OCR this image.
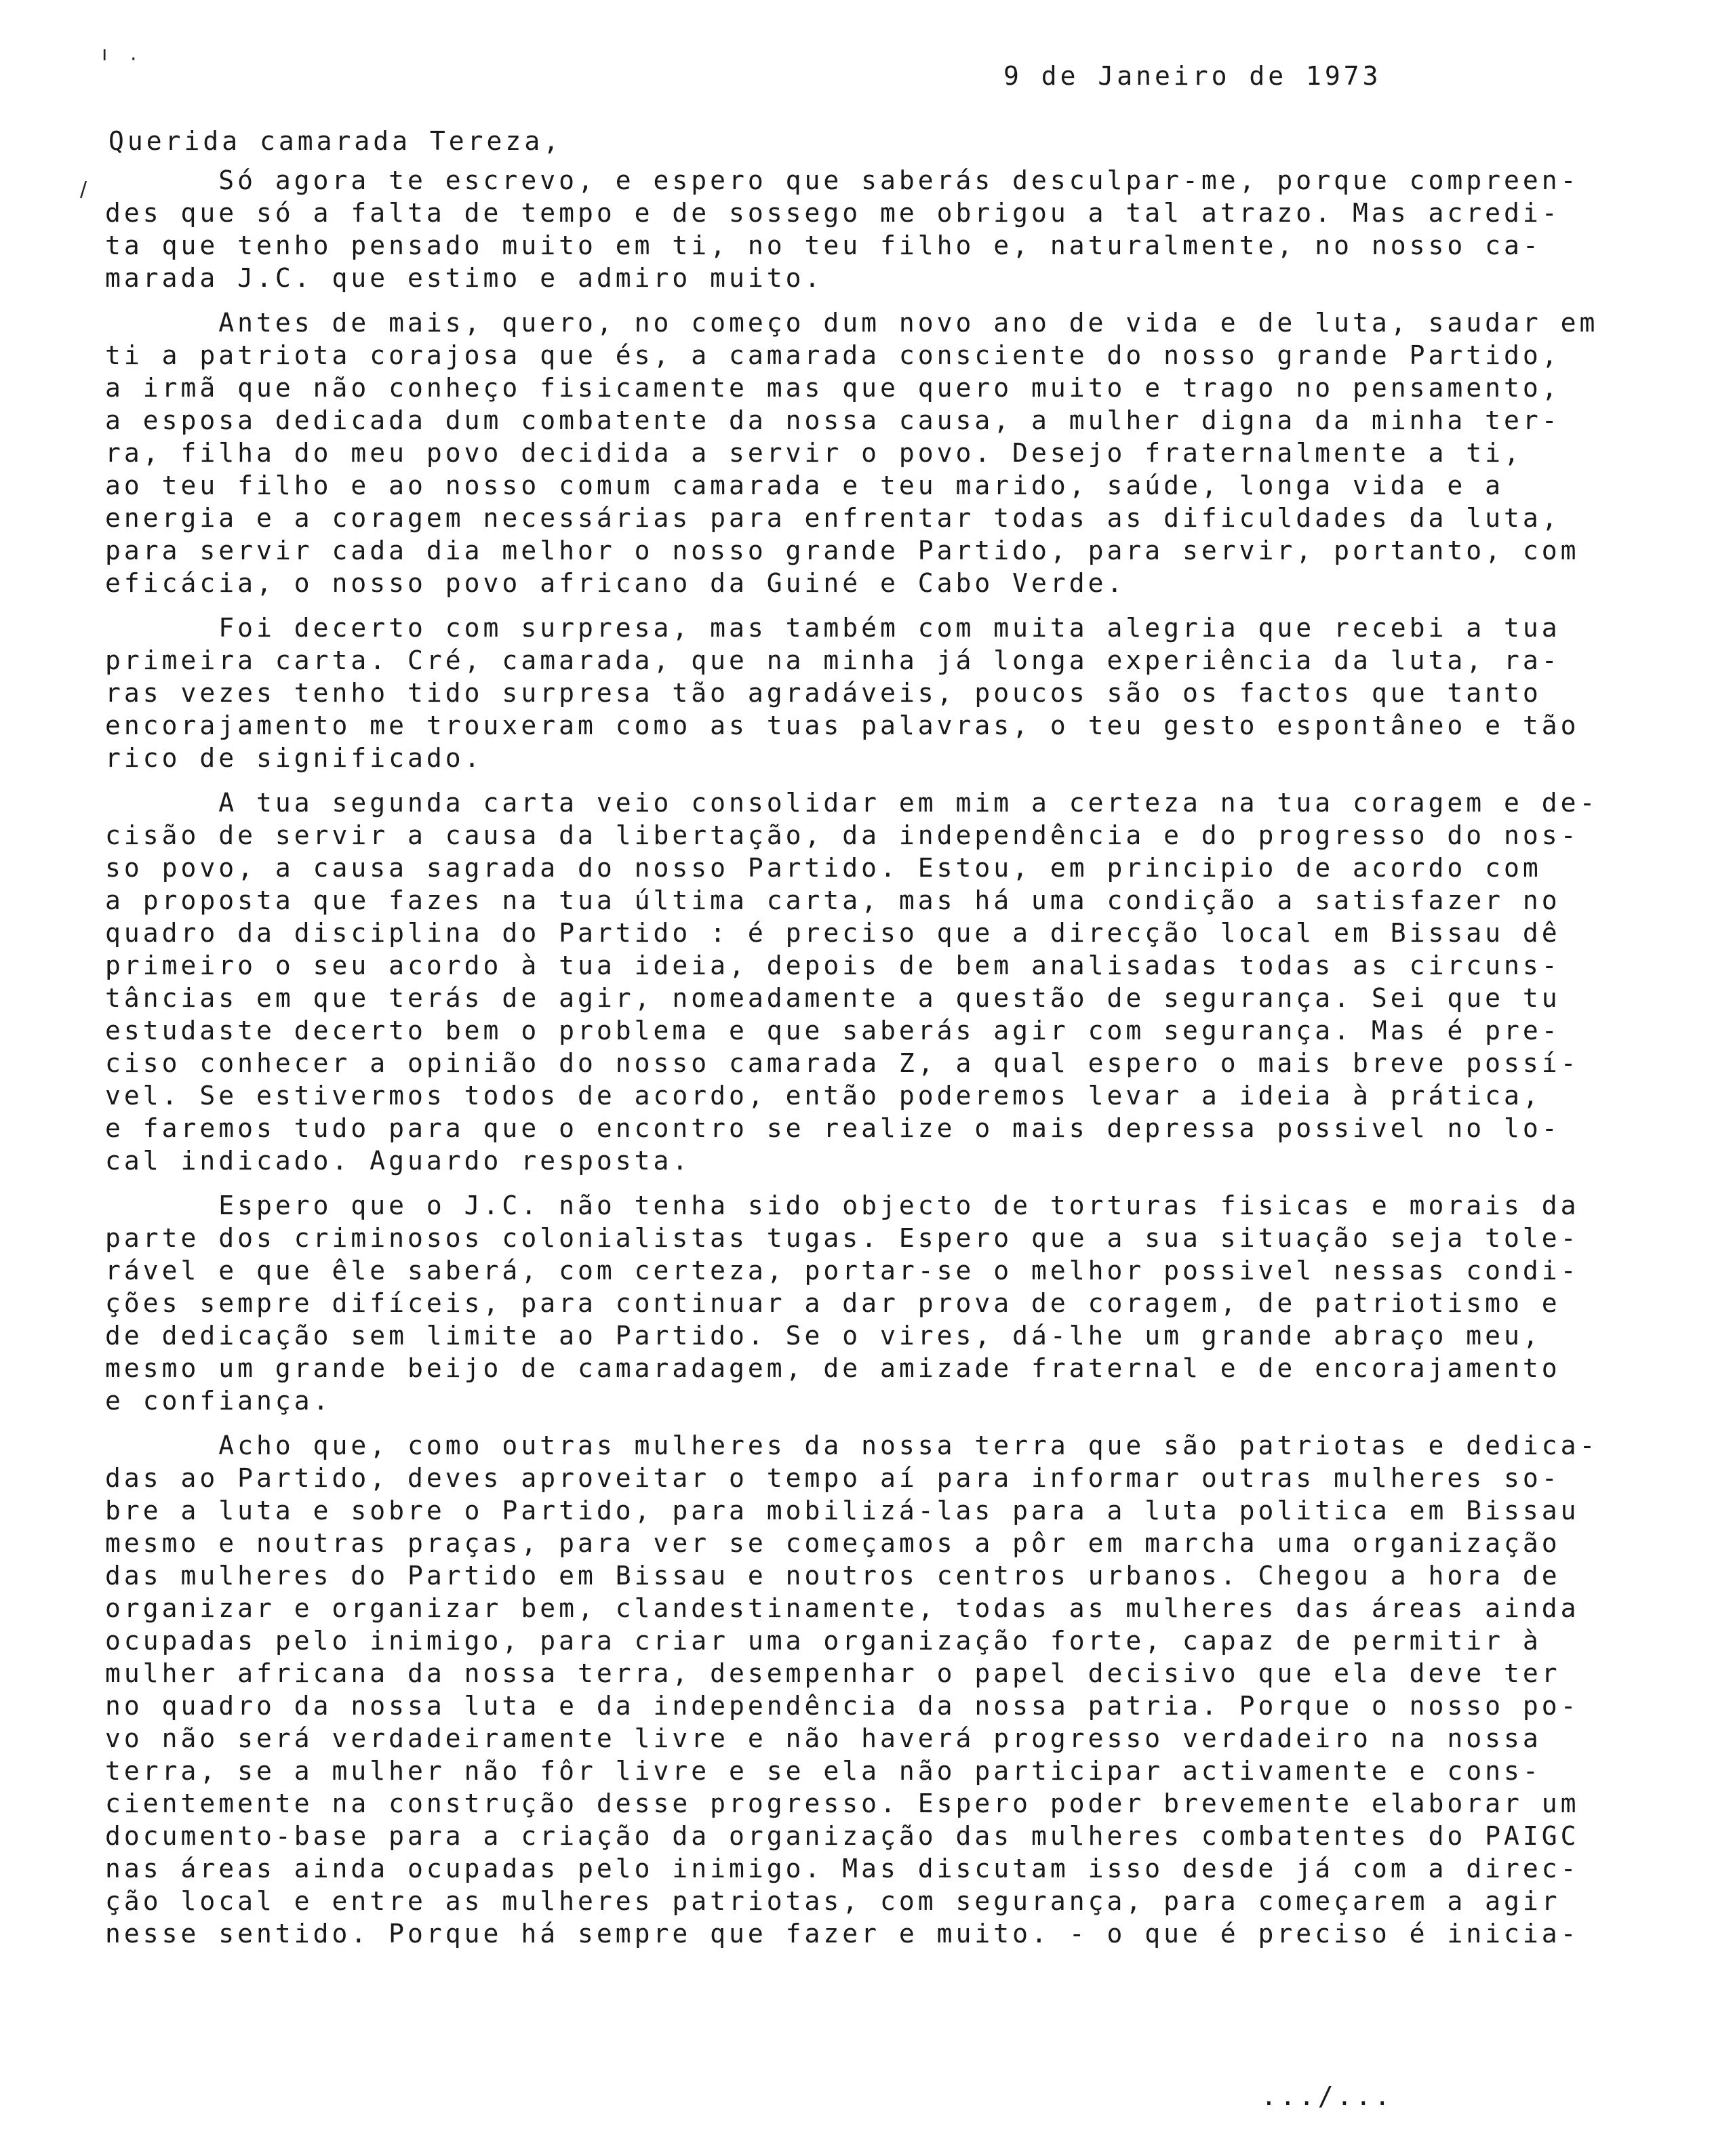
ı ·
/
9 de Janeiro de 1973
Querida camarada Tereza,
Só agora te escrevo, e espero que saberás desculpar-me, porque compreen-
des que só a falta de tempo e de sossego me obrigou a tal atrazo. Mas acredi-
ta que tenho pensado muito em ti, no teu filho e, naturalmente, no nosso ca-
marada J.C. que estimo e admiro muito.
Antes de mais, quero, no começo dum novo ano de vida e de luta, saudar em
ti a patriota corajosa que és, a camarada consciente do nosso grande Partido,
a irmã que não conheço fisicamente mas que quero muito e trago no pensamento,
a esposa dedicada dum combatente da nossa causa, a mulher digna da minha ter-
ra, filha do meu povo decidida a servir o povo. Desejo fraternalmente a ti,
ao teu filho e ao nosso comum camarada e teu marido, saúde, longa vida e a
energia e a coragem necessárias para enfrentar todas as dificuldades da luta,
para servir cada dia melhor o nosso grande Partido, para servir, portanto, com
eficácia, o nosso povo africano da Guiné e Cabo Verde.
Foi decerto com surpresa, mas também com muita alegria que recebi a tua
primeira carta. Cré, camarada, que na minha já longa experiência da luta, ra-
ras vezes tenho tido surpresa tão agradáveis, poucos são os factos que tanto
encorajamento me trouxeram como as tuas palavras, o teu gesto espontâneo e tão
rico de significado.
A tua segunda carta veio consolidar em mim a certeza na tua coragem e de-
cisão de servir a causa da libertação, da independência e do progresso do nos-
so povo, a causa sagrada do nosso Partido. Estou, em principio de acordo com
a proposta que fazes na tua última carta, mas há uma condição a satisfazer no
quadro da disciplina do Partido : é preciso que a direcção local em Bissau dê
primeiro o seu acordo à tua ideia, depois de bem analisadas todas as circuns-
tâncias em que terás de agir, nomeadamente a questão de segurança. Sei que tu
estudaste decerto bem o problema e que saberás agir com segurança. Mas é pre-
ciso conhecer a opinião do nosso camarada Z, a qual espero o mais breve possí-
vel. Se estivermos todos de acordo, então poderemos levar a ideia à prática,
e faremos tudo para que o encontro se realize o mais depressa possivel no lo-
cal indicado. Aguardo resposta.
Espero que o J.C. não tenha sido objecto de torturas fisicas e morais da
parte dos criminosos colonialistas tugas. Espero que a sua situação seja tole-
rável e que êle saberá, com certeza, portar-se o melhor possivel nessas condi-
ções sempre difíceis, para continuar a dar prova de coragem, de patriotismo e
de dedicação sem limite ao Partido. Se o vires, dá-lhe um grande abraço meu,
mesmo um grande beijo de camaradagem, de amizade fraternal e de encorajamento
e confiança.
Acho que, como outras mulheres da nossa terra que são patriotas e dedica-
das ao Partido, deves aproveitar o tempo aí para informar outras mulheres so-
bre a luta e sobre o Partido, para mobilizá-las para a luta politica em Bissau
mesmo e noutras praças, para ver se começamos a pôr em marcha uma organização
das mulheres do Partido em Bissau e noutros centros urbanos. Chegou a hora de
organizar e organizar bem, clandestinamente, todas as mulheres das áreas ainda
ocupadas pelo inimigo, para criar uma organização forte, capaz de permitir à
mulher africana da nossa terra, desempenhar o papel decisivo que ela deve ter
no quadro da nossa luta e da independência da nossa patria. Porque o nosso po-
vo não será verdadeiramente livre e não haverá progresso verdadeiro na nossa
terra, se a mulher não fôr livre e se ela não participar activamente e cons-
cientemente na construção desse progresso. Espero poder brevemente elaborar um
documento-base para a criação da organização das mulheres combatentes do PAIGC
nas áreas ainda ocupadas pelo inimigo. Mas discutam isso desde já com a direc-
ção local e entre as mulheres patriotas, com segurança, para começarem a agir
nesse sentido. Porque há sempre que fazer e muito. - o que é preciso é inicia-
.../...
